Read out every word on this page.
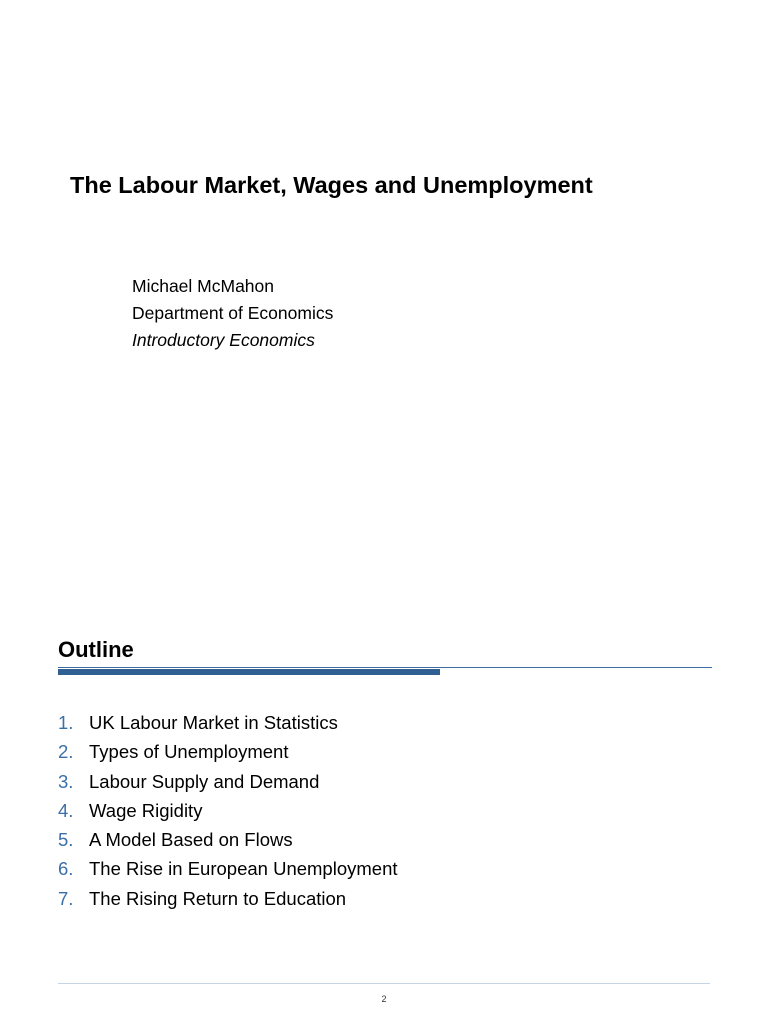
The Labour Market, Wages and Unemployment
Michael McMahon
Department of Economics
Introductory Economics
Outline
1. UK Labour Market in Statistics
2. Types of Unemployment
3. Labour Supply and Demand
4. Wage Rigidity
5. A Model Based on Flows
6. The Rise in European Unemployment
7. The Rising Return to Education
2
